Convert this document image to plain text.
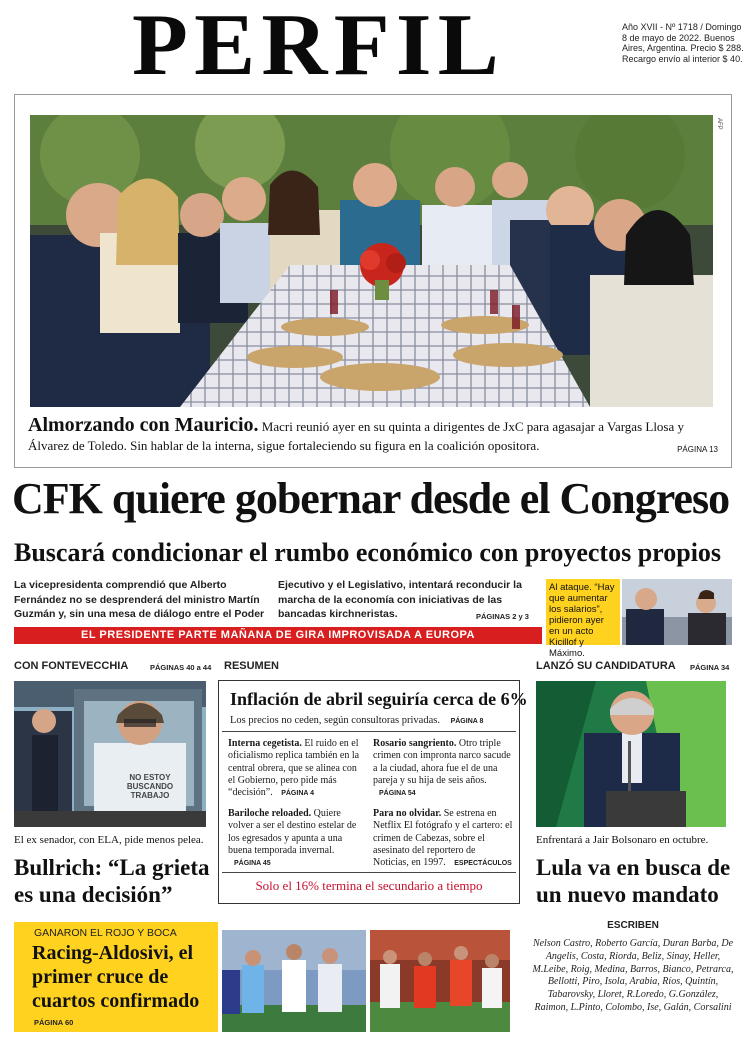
PERFIL	Año XVII - Nº 1718 / Domingo 8 de mayo de 2022. Buenos Aires, Argentina. Precio $ 288. Recargo envío al interior $ 40.
AFP
Almorzando con Mauricio. Macri reunió ayer en su quinta a dirigentes de JxC para agasajar a Vargas Llosa y Álvarez de Toledo. Sin hablar de la interna, sigue fortaleciendo su figura en la coalición opositora.	PÁGINA 13
CFK quiere gobernar desde el Congreso
Buscará condicionar el rumbo económico con proyectos propios
La vicepresidenta comprendió que Alberto Fernández no se desprenderá del ministro Martín Guzmán y, sin una mesa de diálogo entre el Poder
Ejecutivo y el Legislativo, intentará reconducir la marcha de la economía con iniciativas de las bancadas kirchneristas.	PÁGINAS 2 y 3
EL PRESIDENTE PARTE MAÑANA DE GIRA IMPROVISADA A EUROPA
Al ataque. “Hay que aumentar los salarios”, pidieron ayer en un acto Kicillof y Máximo.
CON FONTEVECCHIA	PÁGINAS 40 a 44
NO ESTOY BUSCANDO TRABAJO
El ex senador, con ELA, pide menos pelea.
Bullrich: “La grieta es una decisión”
RESUMEN
Inflación de abril seguiría cerca de 6%
Los precios no ceden, según consultoras privadas. PÁGINA 8
Interna cegetista. El ruido en el oficialismo replica también en la central obrera, que se alinea con el Gobierno, pero pide más “decisión”. PÁGINA 4
Rosario sangriento. Otro triple crimen con impronta narco sacude a la ciudad, ahora fue el de una pareja y su hija de seis años. PÁGINA 54
Bariloche reloaded. Quiere volver a ser el destino estelar de los egresados y apunta a una buena temporada invernal. PÁGINA 45
Para no olvidar. Se estrena en Netflix El fotógrafo y el cartero: el crimen de Cabezas, sobre el asesinato del reportero de Noticias, en 1997. ESPECTÁCULOS
Solo el 16% termina el secundario a tiempo
LANZÓ SU CANDIDATURA PÁGINA 34
Enfrentará a Jair Bolsonaro en octubre.
Lula va en busca de un nuevo mandato
GANARON EL ROJO Y BOCA
Racing-Aldosivi, el primer cruce de cuartos confirmado
PÁGINA 60
ESCRIBEN
Nelson Castro, Roberto García, Duran Barba, De Angelis, Costa, Riorda, Beliz, Sinay, Heller, M.Leibe, Roig, Medina, Barros, Bianco, Petrarca, Bellotti, Piro, Isola, Arabia, Ríos, Quintín, Tabarovsky, Lloret, R.Loredo, G.González, Raimon, L.Pinto, Colombo, Ise, Galán, Corsalini
